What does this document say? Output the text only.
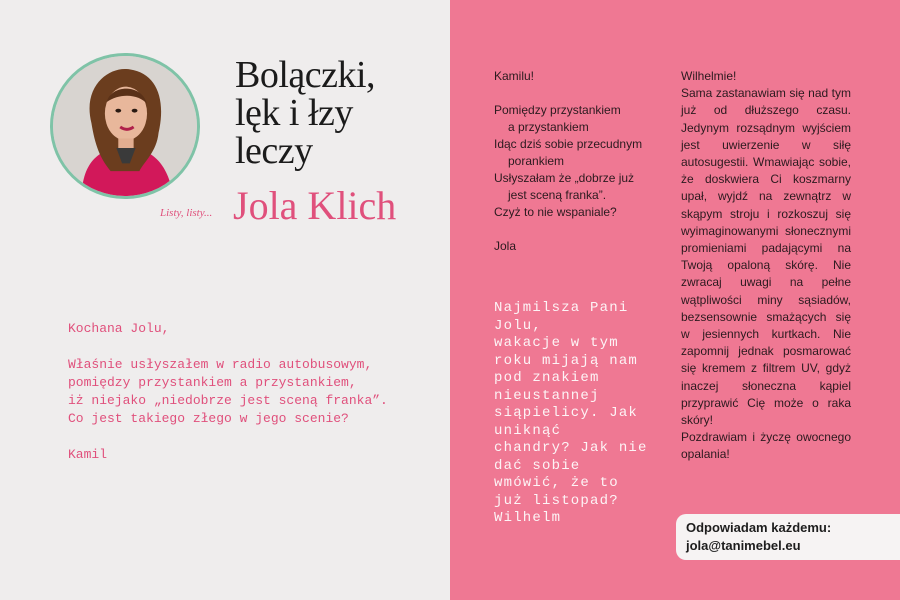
Listy, listy...
Bolączki,
lęk i łzy
leczy
Jola Klich

Kochana Jolu,

Właśnie usłyszałem w radio autobusowym,

pomiędzy przystankiem a przystankiem,

iż niejako „niedobrze jest sceną franka”.

Co jest takiego złego w jego scenie?

Kamil

Kamilu!

Pomiędzy przystankiem

a przystankiem

Idąc dziś sobie przecudnym

porankiem

Usłyszałam że „dobrze już

jest sceną franka”.

Czyż to nie wspaniale?

Jola

Najmilsza Pani

Jolu,

wakacje w tym

roku mijają nam

pod znakiem

nieustannej

siąpielicy. Jak

uniknąć

chandry? Jak nie

dać sobie

wmówić, że to

już listopad?

Wilhelm

Wilhelmie!

Sama zastanawiam się nad tym już od dłuższego czasu. Jedynym rozsądnym wyjściem jest uwierzenie w siłę autosugestii. Wmawiając sobie, że doskwiera Ci koszmarny upał, wyjdź na zewnątrz w skąpym stroju i rozkoszuj się wyimaginowanymi słonecznymi promieniami padającymi na Twoją opaloną skórę. Nie zwracaj uwagi na pełne wątpliwości miny sąsiadów, bezsensownie smażących się w jesiennych kurtkach. Nie zapomnij jednak posmarować się kremem z filtrem UV, gdyż inaczej słoneczna kąpiel przyprawić Cię może o raka skóry!

Pozdrawiam i życzę owocnego opalania!

Odpowiadam każdemu:
jola@tanimebel.eu
